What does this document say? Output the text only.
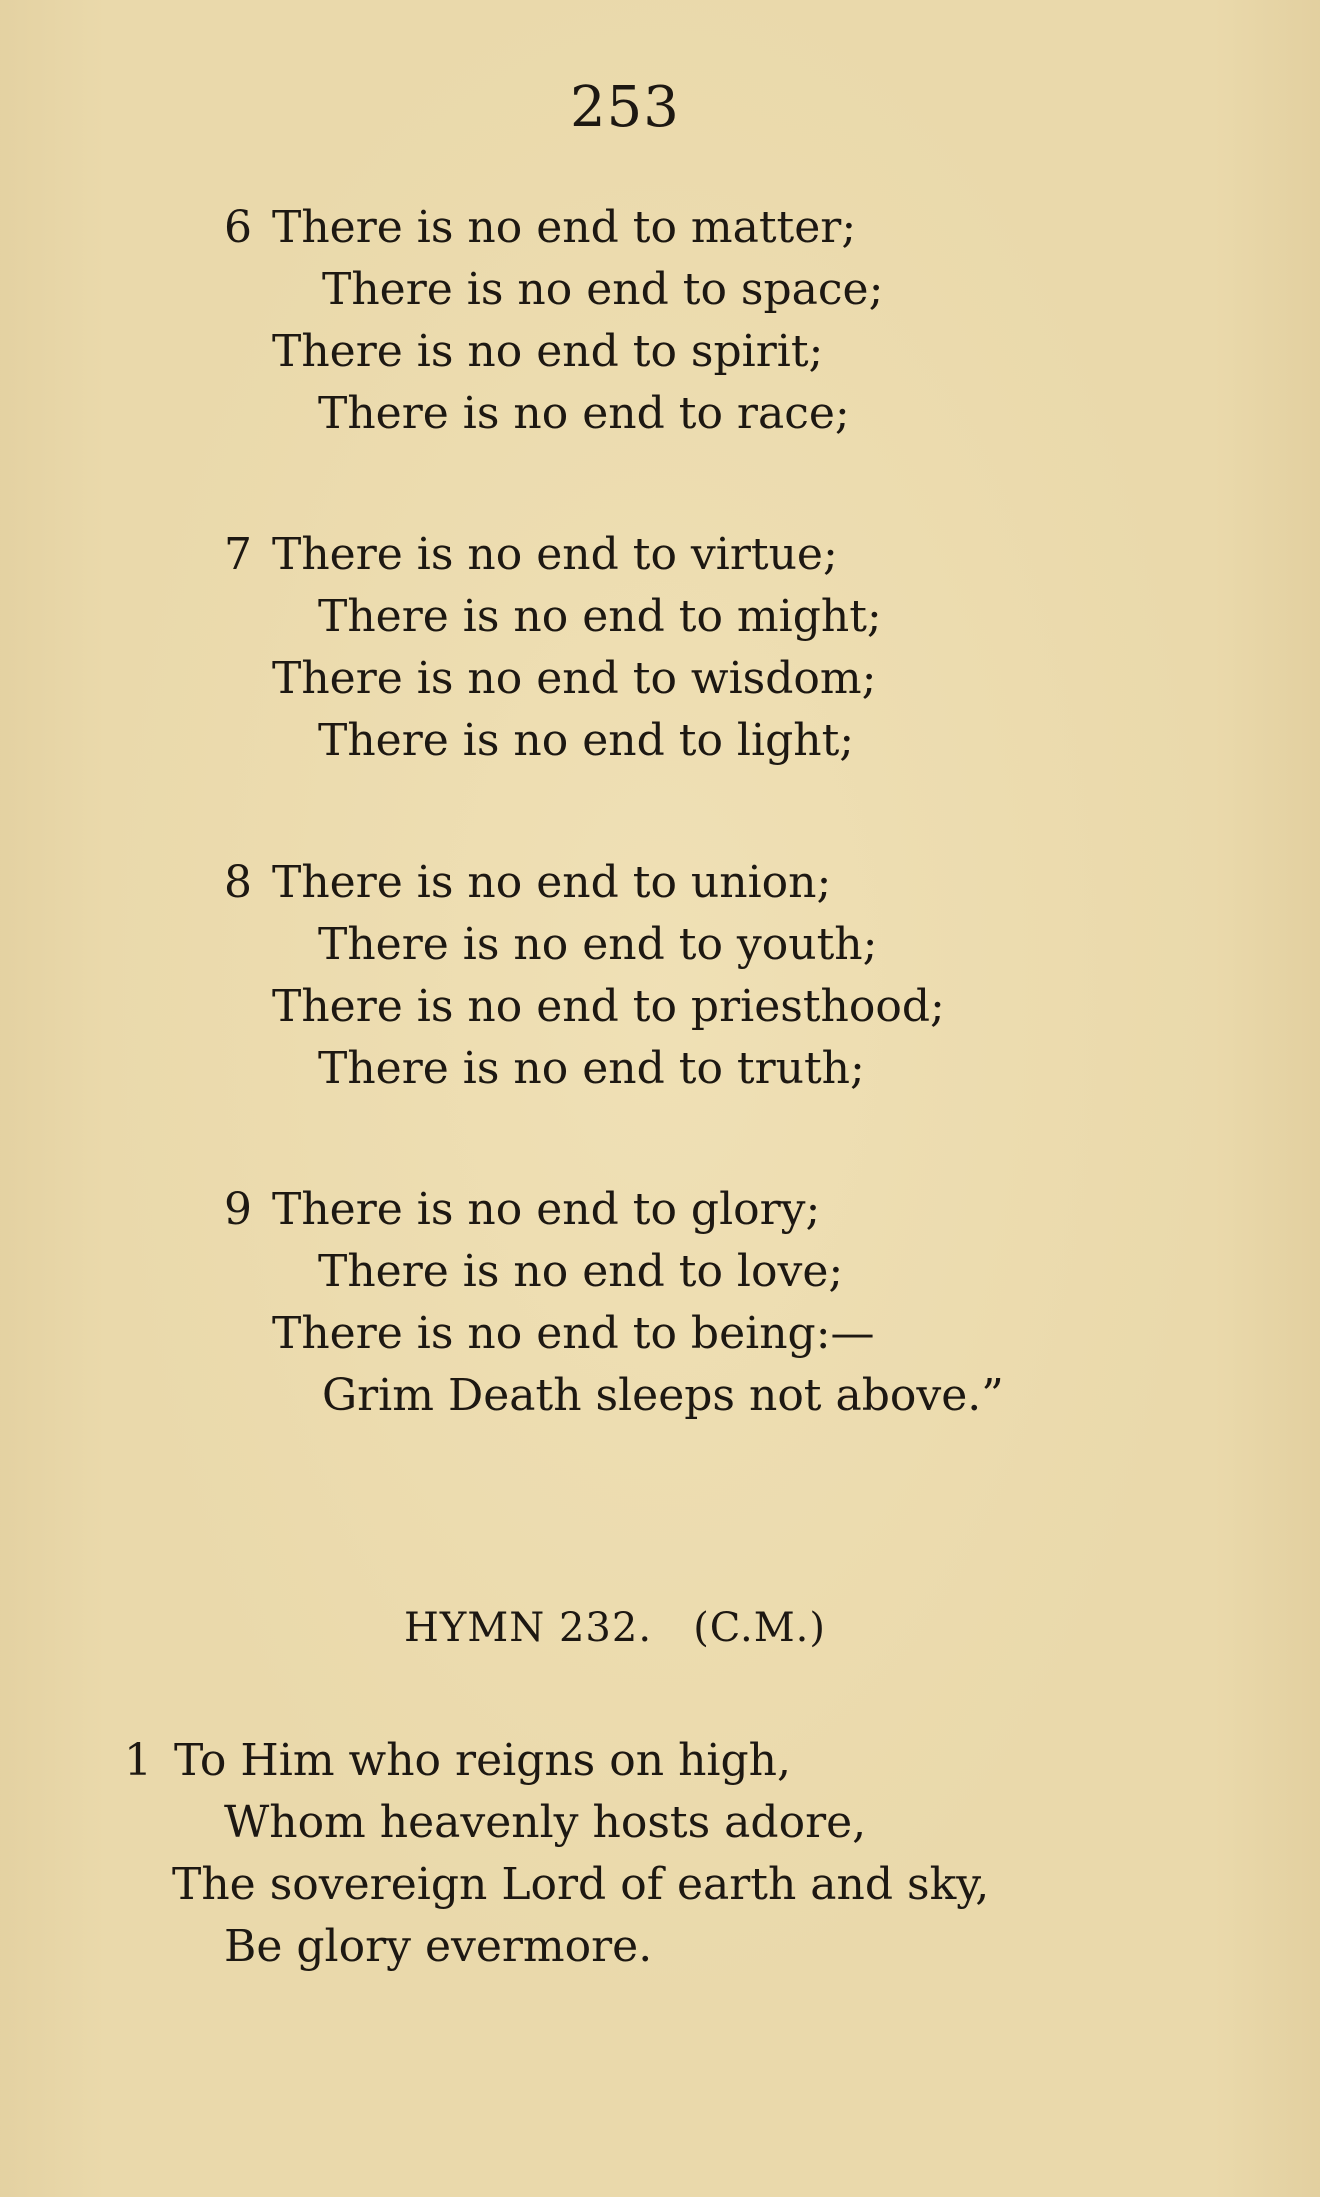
253
6 There is no end to matter;
There is no end to space;
There is no end to spirit;
There is no end to race;
7 There is no end to virtue;
There is no end to might;
There is no end to wisdom;
There is no end to light;
8 There is no end to union;
There is no end to youth;
There is no end to priesthood;
There is no end to truth;
9 There is no end to glory;
There is no end to love;
There is no end to being:—
Grim Death sleeps not above.”
HYMN 232. (C.M.)
1 To Him who reigns on high,
Whom heavenly hosts adore,
The sovereign Lord of earth and sky,
Be glory evermore.
